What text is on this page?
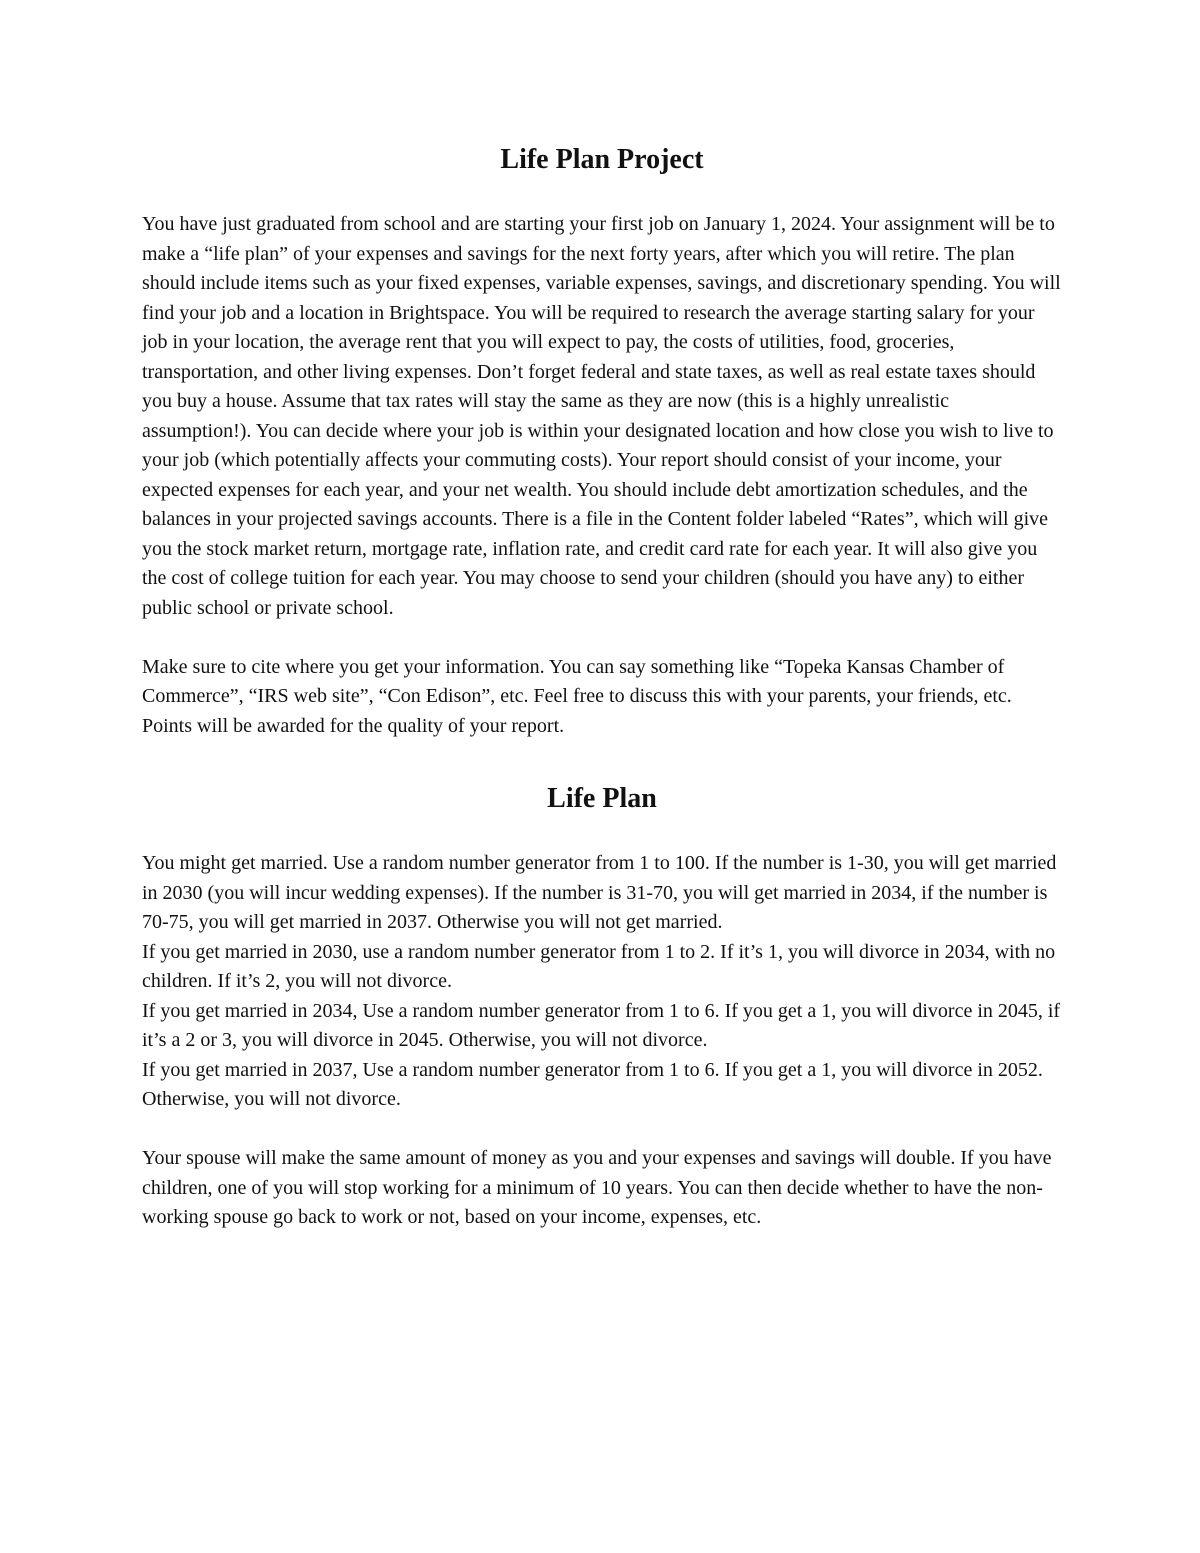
Life Plan Project

You have just graduated from school and are starting your first job on January 1, 2024. Your assignment will be to make a “life plan” of your expenses and savings for the next forty years, after which you will retire. The plan should include items such as your fixed expenses, variable expenses, savings, and discretionary spending. You will find your job and a location in Brightspace. You will be required to research the average starting salary for your job in your location, the average rent that you will expect to pay, the costs of utilities, food, groceries, transportation, and other living expenses. Don’t forget federal and state taxes, as well as real estate taxes should you buy a house. Assume that tax rates will stay the same as they are now (this is a highly unrealistic assumption!). You can decide where your job is within your designated location and how close you wish to live to your job (which potentially affects your commuting costs). Your report should consist of your income, your expected expenses for each year, and your net wealth. You should include debt amortization schedules, and the balances in your projected savings accounts. There is a file in the Content folder labeled “Rates”, which will give you the stock market return, mortgage rate, inflation rate, and credit card rate for each year. It will also give you the cost of college tuition for each year. You may choose to send your children (should you have any) to either public school or private school.

Make sure to cite where you get your information. You can say something like “Topeka Kansas Chamber of Commerce”, “IRS web site”, “Con Edison”, etc. Feel free to discuss this with your parents, your friends, etc. Points will be awarded for the quality of your report.

Life Plan

You might get married. Use a random number generator from 1 to 100. If the number is 1-30, you will get married in 2030 (you will incur wedding expenses). If the number is 31-70, you will get married in 2034, if the number is 70-75, you will get married in 2037. Otherwise you will not get married.

If you get married in 2030, use a random number generator from 1 to 2. If it’s 1, you will divorce in 2034, with no children. If it’s 2, you will not divorce.

If you get married in 2034, Use a random number generator from 1 to 6. If you get a 1, you will divorce in 2045, if it’s a 2 or 3, you will divorce in 2045. Otherwise, you will not divorce.

If you get married in 2037, Use a random number generator from 1 to 6. If you get a 1, you will divorce in 2052. Otherwise, you will not divorce.

Your spouse will make the same amount of money as you and your expenses and savings will double. If you have children, one of you will stop working for a minimum of 10 years. You can then decide whether to have the non-working spouse go back to work or not, based on your income, expenses, etc.
